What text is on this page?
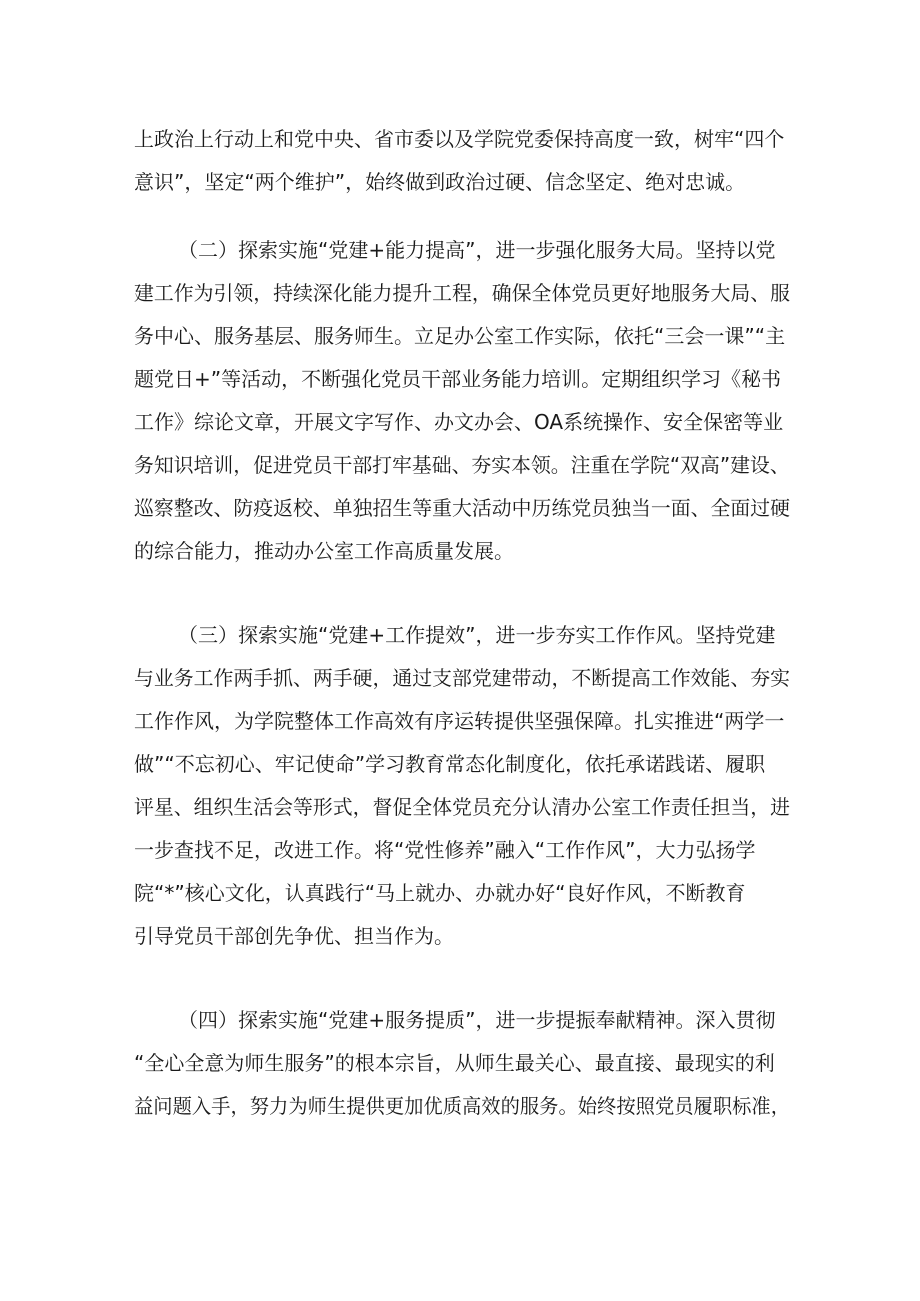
上政治上行动上和党中央、省市委以及学院党委保持高度一致，树牢“四个
意识”，坚定“两个维护”，始终做到政治过硬、信念坚定、绝对忠诚。
（二）探索实施“党建+能力提高”，进一步强化服务大局。坚持以党
建工作为引领，持续深化能力提升工程，确保全体党员更好地服务大局、服
务中心、服务基层、服务师生。立足办公室工作实际，依托“三会一课”“主
题党日+”等活动，不断强化党员干部业务能力培训。定期组织学习《秘书
工作》综论文章，开展文字写作、办文办会、OA系统操作、安全保密等业
务知识培训，促进党员干部打牢基础、夯实本领。注重在学院“双高”建设、
巡察整改、防疫返校、单独招生等重大活动中历练党员独当一面、全面过硬
的综合能力，推动办公室工作高质量发展。
（三）探索实施“党建+工作提效”，进一步夯实工作作风。坚持党建
与业务工作两手抓、两手硬，通过支部党建带动，不断提高工作效能、夯实
工作作风，为学院整体工作高效有序运转提供坚强保障。扎实推进“两学一
做”“不忘初心、牢记使命”学习教育常态化制度化，依托承诺践诺、履职
评星、组织生活会等形式，督促全体党员充分认清办公室工作责任担当，进
一步查找不足，改进工作。将“党性修养”融入“工作作风”，大力弘扬学
院“*”核心文化，认真践行“马上就办、办就办好“良好作风，不断教育
引导党员干部创先争优、担当作为。
（四）探索实施“党建+服务提质”，进一步提振奉献精神。深入贯彻
“全心全意为师生服务”的根本宗旨，从师生最关心、最直接、最现实的利
益问题入手，努力为师生提供更加优质高效的服务。始终按照党员履职标准，
